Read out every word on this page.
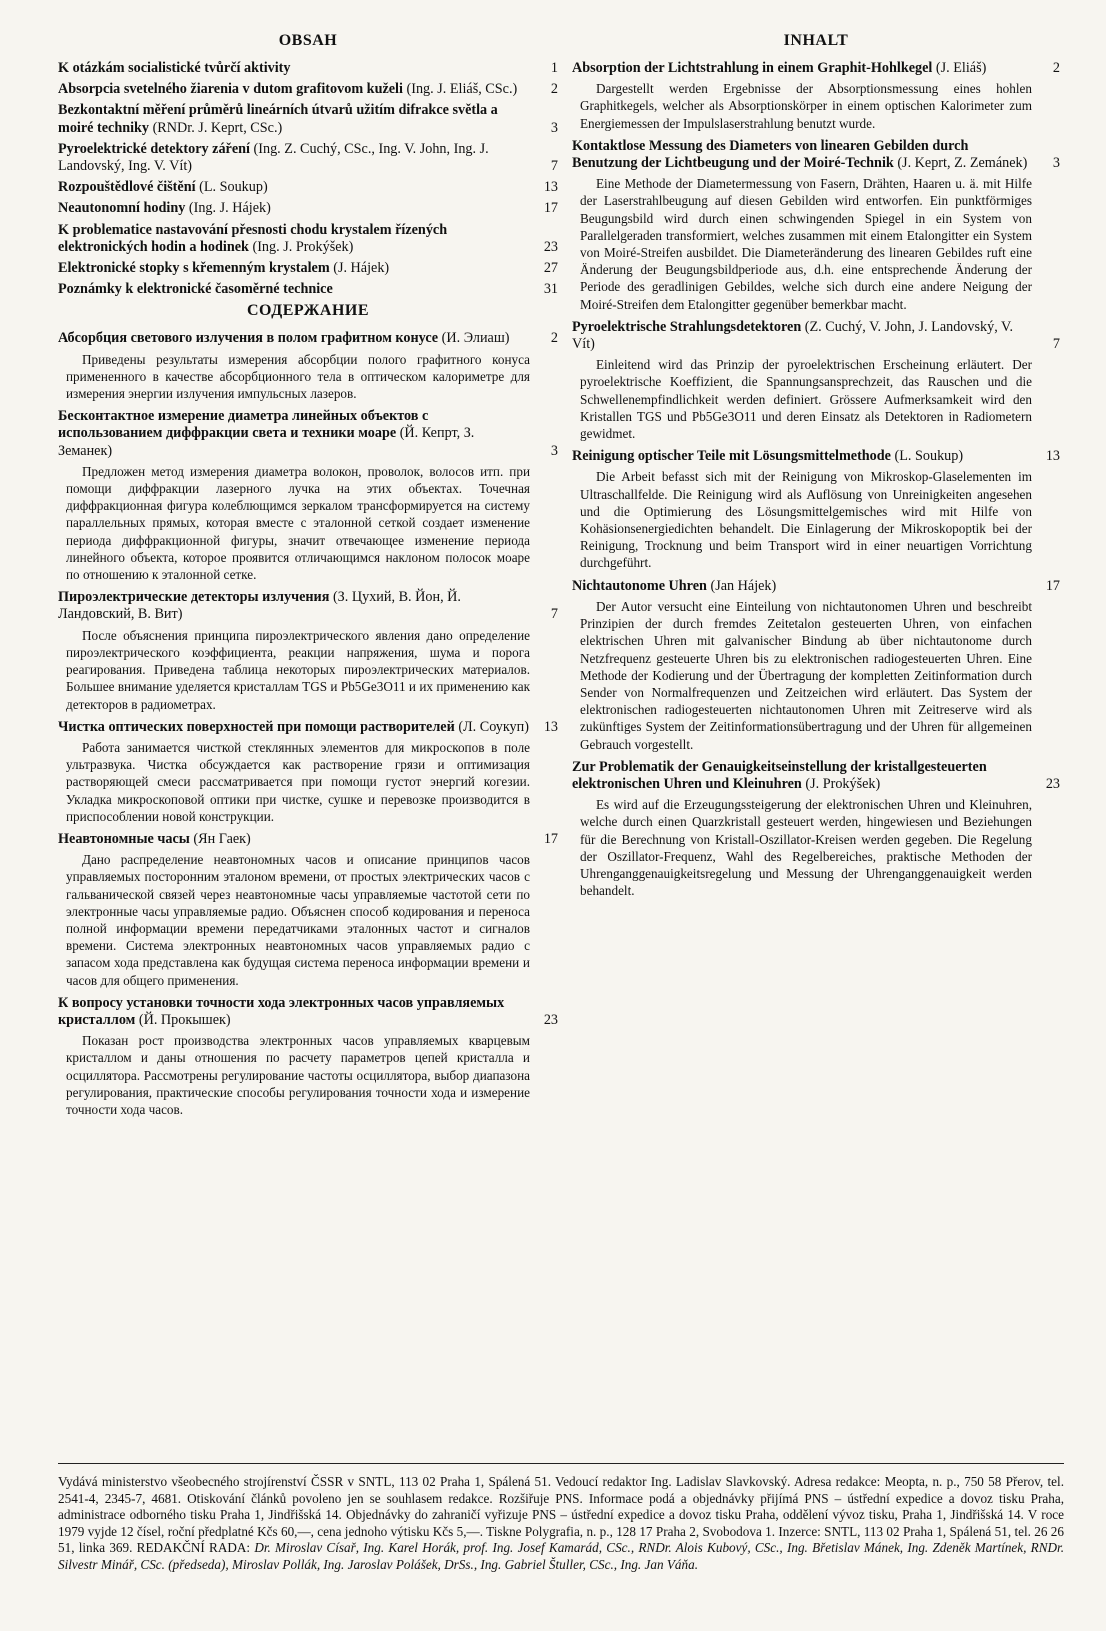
OBSAH
K otázkám socialistické tvůrčí aktivity	1
Absorpcia svetelného žiarenia v dutom grafitovom kuželi (Ing. J. Eliáš, CSc.)	2
Bezkontaktní měření průměrů lineárních útvarů užitím difrakce světla a moiré techniky (RNDr. J. Keprt, CSc.)	3
Pyroelektrické detektory záření (Ing. Z. Cuchý, CSc., Ing. V. John, Ing. J. Landovský, Ing. V. Vít)	7
Rozpouštědlové čištění (L. Soukup)	13
Neautonomní hodiny (Ing. J. Hájek)	17
K problematice nastavování přesnosti chodu krystalem řízených elektronických hodin a hodinek (Ing. J. Prokýšek)	23
Elektronické stopky s křemenným krystalem (J. Hájek)	27
Poznámky k elektronické časoměrné technice	31
СОДЕРЖАНИЕ
Абсорбция светового излучения в полом графитном конусе (И. Элиаш)	2
Приведены результаты измерения абсорбции полого графитного конуса примененного в качестве абсорбционного тела в оптическом калориметре для измерения энергии излучения импульсных лазеров.
Бесконтактное измерение диаметра линейных объектов с использованием диффракции света и техники моаре (Й. Кепрт, З. Земанек)	3
Предложен метод измерения диаметра волокон, проволок, волосов итп. при помощи диффракции лазерного лучка на этих объектах. Точечная диффракционная фигура колеблющимся зеркалом трансформируется на систему параллельных прямых, которая вместе с эталонной сеткой создает изменение периода диффракционной фигуры, значит отвечающее изменение периода линейного объекта, которое проявится отличающимся наклоном полосок моаре по отношению к эталонной сетке.
Пироэлектрические детекторы излучения (З. Цухий, В. Йон, Й. Ландовский, В. Вит)	7
После объяснения принципа пироэлектрического явления дано определение пироэлектрического коэффициента, реакции напряжения, шума и порога реагирования. Приведена таблица некоторых пироэлектрических материалов. Большее внимание уделяется кристаллам TGS и Pb5Ge3O11 и их применению как детекторов в радиометрах.
Чистка оптических поверхностей при помощи растворителей (Л. Соукуп)	13
Работа занимается чисткой стеклянных элементов для микроскопов в поле ультразвука. Чистка обсуждается как растворение грязи и оптимизация растворяющей смеси рассматривается при помощи густот энергий когезии. Укладка микроскоповой оптики при чистке, сушке и перевозке производится в приспособлении новой конструкции.
Неавтономные часы (Ян Гаек)	17
Дано распределение неавтономных часов и описание принципов часов управляемых посторонним эталоном времени, от простых электрических часов с гальванической связей через неавтономные часы управляемые частотой сети по электронные часы управляемые радио. Объяснен способ кодирования и переноса полной информации времени передатчиками эталонных частот и сигналов времени. Система электронных неавтономных часов управляемых радио с запасом хода представлена как будущая система переноса информации времени и часов для общего применения.
К вопросу установки точности хода электронных часов управляемых кристаллом (Й. Прокышек)	23
Показан рост производства электронных часов управляемых кварцевым кристаллом и даны отношения по расчету параметров цепей кристалла и осциллятора. Рассмотрены регулирование частоты осциллятора, выбор диапазона регулирования, практические способы регулирования точности хода и измерение точности хода часов.
INHALT
Absorption der Lichtstrahlung in einem Graphit-Hohlkegel (J. Eliáš)	2
Dargestellt werden Ergebnisse der Absorptionsmessung eines hohlen Graphitkegels, welcher als Absorptionskörper in einem optischen Kalorimeter zum Energiemessen der Impulslaserstrahlung benutzt wurde.
Kontaktlose Messung des Diameters von linearen Gebilden durch Benutzung der Lichtbeugung und der Moiré-Technik (J. Keprt, Z. Zemánek)	3
Eine Methode der Diametermessung von Fasern, Drähten, Haaren u. ä. mit Hilfe der Laserstrahlbeugung auf diesen Gebilden wird entworfen. Ein punktförmiges Beugungsbild wird durch einen schwingenden Spiegel in ein System von Parallelgeraden transformiert, welches zusammen mit einem Etalongitter ein System von Moiré-Streifen ausbildet. Die Diameteränderung des linearen Gebildes ruft eine Änderung der Beugungsbildperiode aus, d.h. eine entsprechende Änderung der Periode des geradlinigen Gebildes, welche sich durch eine andere Neigung der Moiré-Streifen dem Etalongitter gegenüber bemerkbar macht.
Pyroelektrische Strahlungsdetektoren (Z. Cuchý, V. John, J. Landovský, V. Vít)	7
Einleitend wird das Prinzip der pyroelektrischen Erscheinung erläutert. Der pyroelektrische Koeffizient, die Spannungsansprechzeit, das Rauschen und die Schwellenempfindlichkeit werden definiert. Grössere Aufmerksamkeit wird den Kristallen TGS und Pb5Ge3O11 und deren Einsatz als Detektoren in Radiometern gewidmet.
Reinigung optischer Teile mit Lösungsmittelmethode (L. Soukup)	13
Die Arbeit befasst sich mit der Reinigung von Mikroskop-Glaselementen im Ultraschallfelde. Die Reinigung wird als Auflösung von Unreinigkeiten angesehen und die Optimierung des Lösungsmittelgemisches wird mit Hilfe von Kohäsionsenergiedichten behandelt. Die Einlagerung der Mikroskopoptik bei der Reinigung, Trocknung und beim Transport wird in einer neuartigen Vorrichtung durchgeführt.
Nichtautonome Uhren (Jan Hájek)	17
Der Autor versucht eine Einteilung von nichtautonomen Uhren und beschreibt Prinzipien der durch fremdes Zeitetalon gesteuerten Uhren, von einfachen elektrischen Uhren mit galvanischer Bindung ab über nichtautonome durch Netzfrequenz gesteuerte Uhren bis zu elektronischen radiogesteuerten Uhren. Eine Methode der Kodierung und der Übertragung der kompletten Zeitinformation durch Sender von Normalfrequenzen und Zeitzeichen wird erläutert. Das System der elektronischen radiogesteuerten nichtautonomen Uhren mit Zeitreserve wird als zukünftiges System der Zeitinformationsübertragung und der Uhren für allgemeinen Gebrauch vorgestellt.
Zur Problematik der Genauigkeitseinstellung der kristallgesteuerten elektronischen Uhren und Kleinuhren (J. Prokýšek)	23
Es wird auf die Erzeugungssteigerung der elektronischen Uhren und Kleinuhren, welche durch einen Quarzkristall gesteuert werden, hingewiesen und Beziehungen für die Berechnung von Kristall-Oszillator-Kreisen werden gegeben. Die Regelung der Oszillator-Frequenz, Wahl des Regelbereiches, praktische Methoden der Uhrenganggenauigkeitsregelung und Messung der Uhrenganggenauigkeit werden behandelt.
Vydává ministerstvo všeobecného strojírenství ČSSR v SNTL, 113 02 Praha 1, Spálená 51. Vedoucí redaktor Ing. Ladislav Slavkovský. Adresa redakce: Meopta, n. p., 750 58 Přerov, tel. 2541-4, 2345-7, 4681. Otiskování článků povoleno jen se souhlasem redakce. Rozšiřuje PNS. Informace podá a objednávky přijímá PNS – ústřední expedice a dovoz tisku Praha, administrace odborného tisku Praha 1, Jindřišská 14. Objednávky do zahraničí vyřizuje PNS – ústřední expedice a dovoz tisku Praha, oddělení vývoz tisku, Praha 1, Jindřišská 14. V roce 1979 vyjde 12 čísel, roční předplatné Kčs 60,—, cena jednoho výtisku Kčs 5,—. Tiskne Polygrafia, n. p., 128 17 Praha 2, Svobodova 1. Inzerce: SNTL, 113 02 Praha 1, Spálená 51, tel. 26 26 51, linka 369. REDAKČNÍ RADA: Dr. Miroslav Císař, Ing. Karel Horák, prof. Ing. Josef Kamarád, CSc., RNDr. Alois Kubový, CSc., Ing. Břetislav Mánek, Ing. Zdeněk Martínek, RNDr. Silvestr Minář, CSc. (předseda), Miroslav Pollák, Ing. Jaroslav Polášek, DrSs., Ing. Gabriel Štuller, CSc., Ing. Jan Váňa.
